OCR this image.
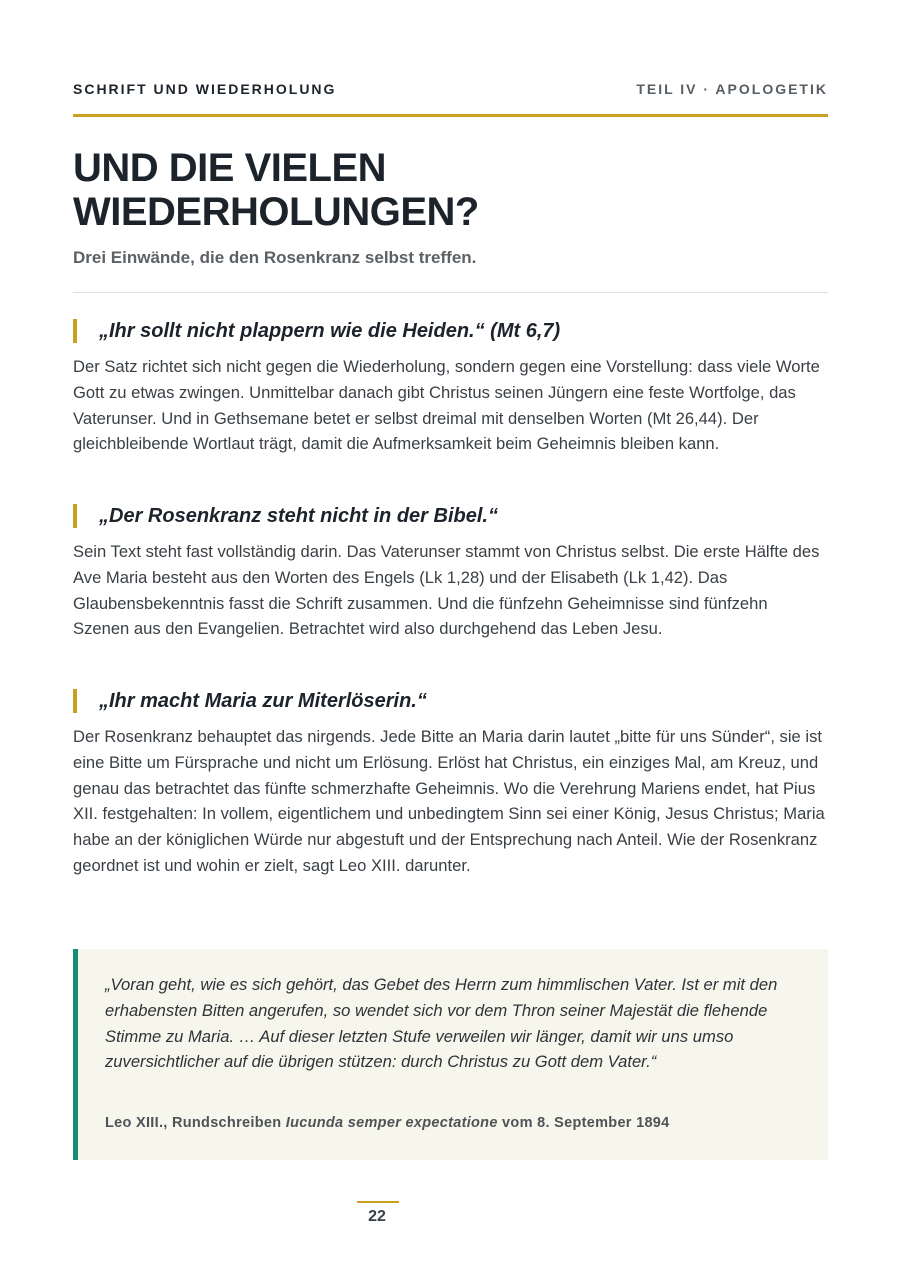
SCHRIFT UND WIEDERHOLUNG	TEIL IV · APOLOGETIK
UND DIE VIELEN
WIEDERHOLUNGEN?
Drei Einwände, die den Rosenkranz selbst treffen.
„Ihr sollt nicht plappern wie die Heiden.“ (Mt 6,7)
Der Satz richtet sich nicht gegen die Wiederholung, sondern gegen eine Vorstellung: dass viele Worte Gott zu etwas zwingen. Unmittelbar danach gibt Christus seinen Jüngern eine feste Wortfolge, das Vaterunser. Und in Gethsemane betet er selbst dreimal mit denselben Worten (Mt 26,44). Der gleichbleibende Wortlaut trägt, damit die Aufmerksamkeit beim Geheimnis bleiben kann.
„Der Rosenkranz steht nicht in der Bibel.“
Sein Text steht fast vollständig darin. Das Vaterunser stammt von Christus selbst. Die erste Hälfte des Ave Maria besteht aus den Worten des Engels (Lk 1,28) und der Elisabeth (Lk 1,42). Das Glaubensbekenntnis fasst die Schrift zusammen. Und die fünfzehn Geheimnisse sind fünfzehn Szenen aus den Evangelien. Betrachtet wird also durchgehend das Leben Jesu.
„Ihr macht Maria zur Miterlöserin.“
Der Rosenkranz behauptet das nirgends. Jede Bitte an Maria darin lautet „bitte für uns Sünder“, sie ist eine Bitte um Fürsprache und nicht um Erlösung. Erlöst hat Christus, ein einziges Mal, am Kreuz, und genau das betrachtet das fünfte schmerzhafte Geheimnis. Wo die Verehrung Mariens endet, hat Pius XII. festgehalten: In vollem, eigentlichem und unbedingtem Sinn sei einer König, Jesus Christus; Maria habe an der königlichen Würde nur abgestuft und der Entsprechung nach Anteil. Wie der Rosenkranz geordnet ist und wohin er zielt, sagt Leo XIII. darunter.
„Voran geht, wie es sich gehört, das Gebet des Herrn zum himmlischen Vater. Ist er mit den erhabensten Bitten angerufen, so wendet sich vor dem Thron seiner Majestät die flehende Stimme zu Maria. … Auf dieser letzten Stufe verweilen wir länger, damit wir uns umso zuversichtlicher auf die übrigen stützen: durch Christus zu Gott dem Vater.“
Leo XIII., Rundschreiben Iucunda semper expectatione vom 8. September 1894
22
